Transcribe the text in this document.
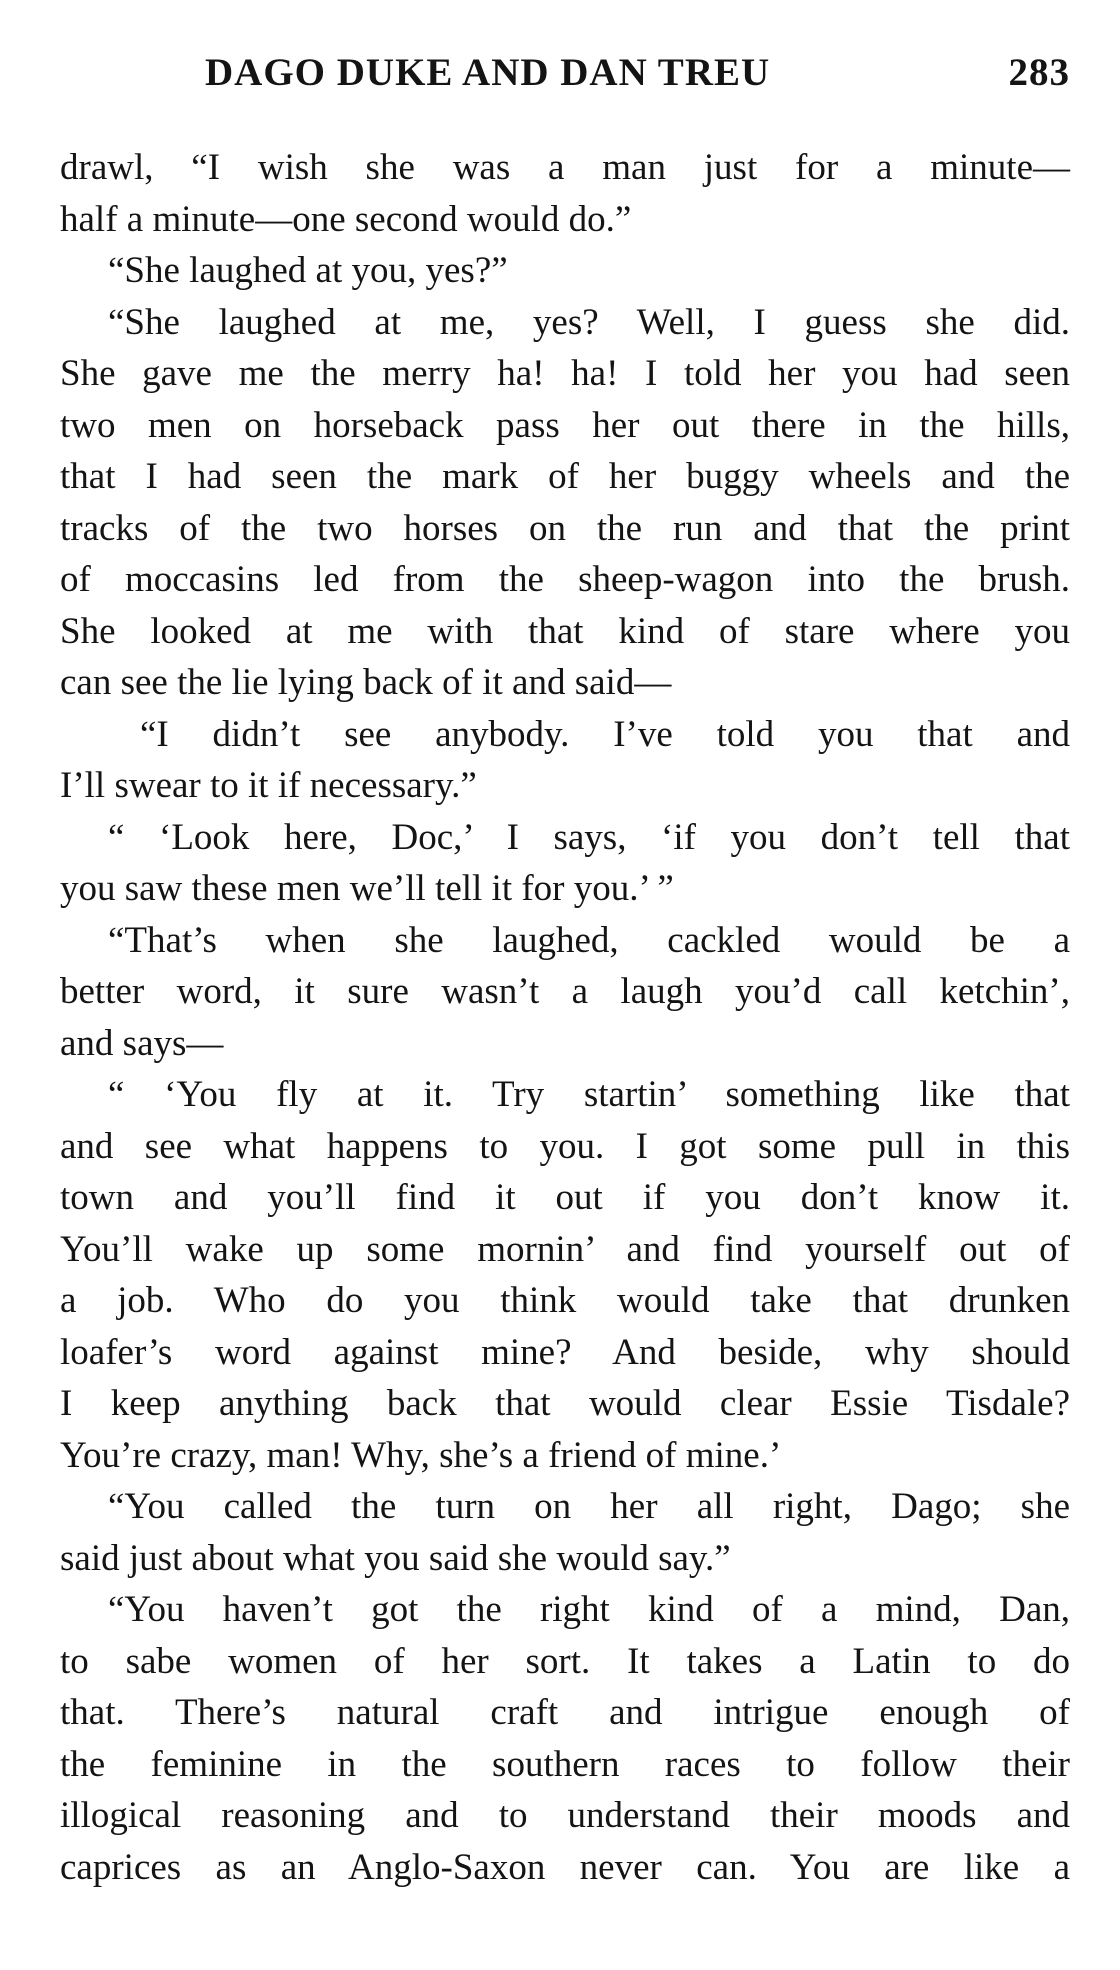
DAGO DUKE AND DAN TREU	283
drawl, “I wish she was a man just for a minute—
half a minute—one second would do.”
“She laughed at you, yes?”
“She laughed at me, yes? Well, I guess she did.
She gave me the merry ha! ha! I told her you had seen
two men on horseback pass her out there in the hills,
that I had seen the mark of her buggy wheels and the
tracks of the two horses on the run and that the print
of moccasins led from the sheep-wagon into the brush.
She looked at me with that kind of stare where you
can see the lie lying back of it and said—
“I didn’t see anybody. I’ve told you that and
I’ll swear to it if necessary.”
“ ‘Look here, Doc,’ I says, ‘if you don’t tell that
you saw these men we’ll tell it for you.’ ”
“That’s when she laughed, cackled would be a
better word, it sure wasn’t a laugh you’d call ketchin’,
and says—
“ ‘You fly at it. Try startin’ something like that
and see what happens to you. I got some pull in this
town and you’ll find it out if you don’t know it.
You’ll wake up some mornin’ and find yourself out of
a job. Who do you think would take that drunken
loafer’s word against mine? And beside, why should
I keep anything back that would clear Essie Tisdale?
You’re crazy, man! Why, she’s a friend of mine.’
“You called the turn on her all right, Dago; she
said just about what you said she would say.”
“You haven’t got the right kind of a mind, Dan,
to sabe women of her sort. It takes a Latin to do
that. There’s natural craft and intrigue enough of
the feminine in the southern races to follow their
illogical reasoning and to understand their moods and
caprices as an Anglo-Saxon never can. You are like a
